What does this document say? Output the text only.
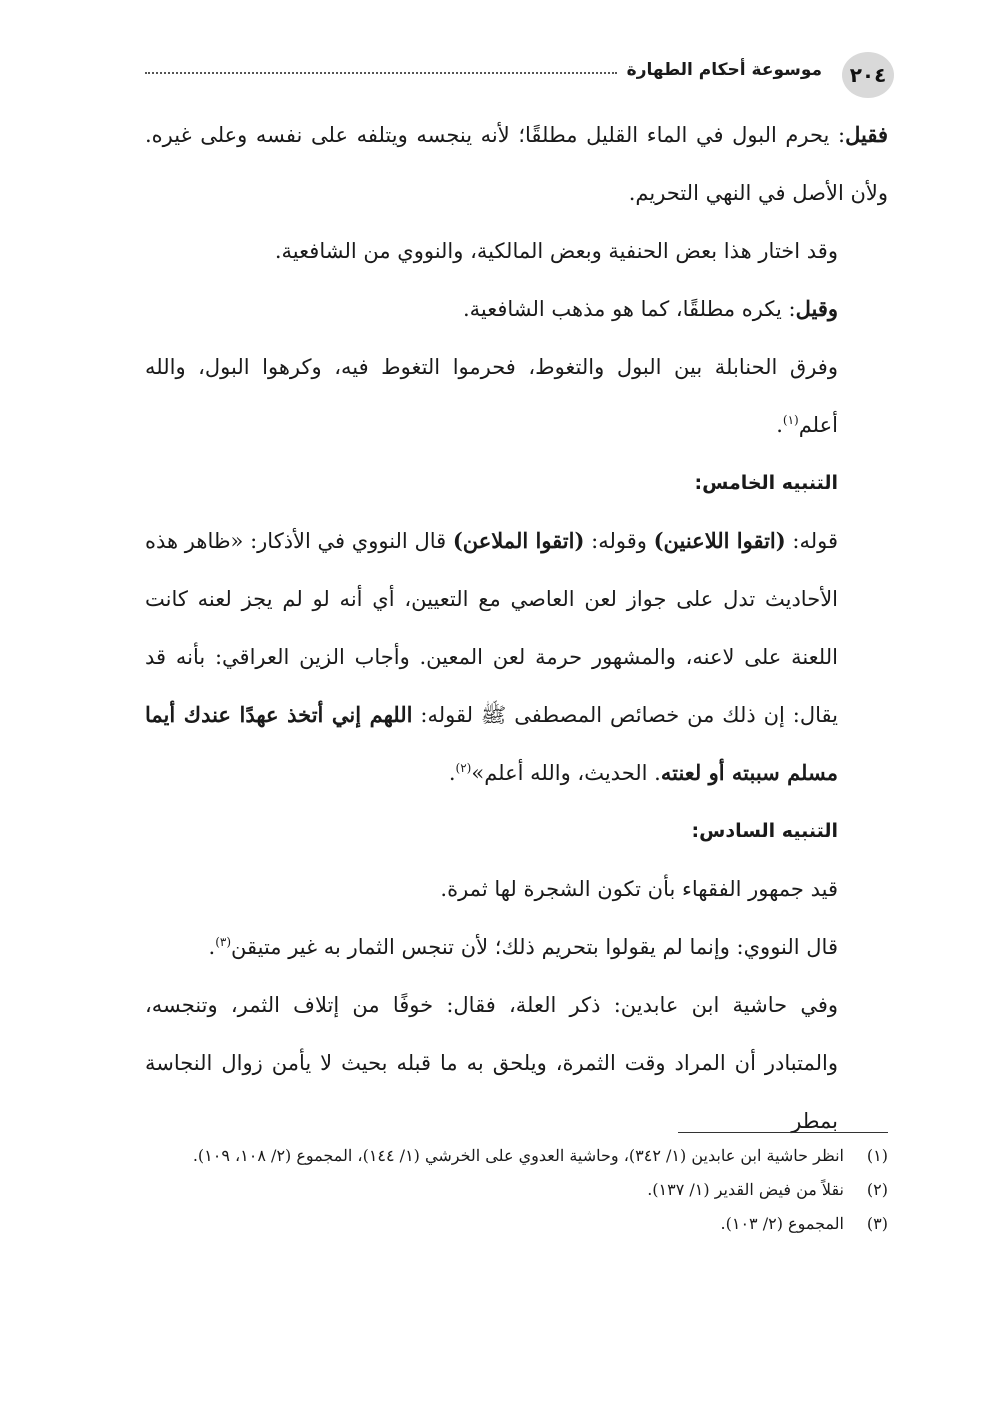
٢٠٤
موسوعة أحكام الطهارة

فقيل: يحرم البول في الماء القليل مطلقًا؛ لأنه ينجسه ويتلفه على نفسه وعلى غيره. ولأن الأصل في النهي التحريم.

وقد اختار هذا بعض الحنفية وبعض المالكية، والنووي من الشافعية.

وقيل: يكره مطلقًا، كما هو مذهب الشافعية.

وفرق الحنابلة بين البول والتغوط، فحرموا التغوط فيه، وكرهوا البول، والله أعلم$^{(١)}$.

التنبيه الخامس:

قوله: (اتقوا اللاعنين) وقوله: (اتقوا الملاعن) قال النووي في الأذكار: «ظاهر هذه الأحاديث تدل على جواز لعن العاصي مع التعيين، أي أنه لو لم يجز لعنه كانت اللعنة على لاعنه، والمشهور حرمة لعن المعين. وأجاب الزين العراقي: بأنه قد يقال: إن ذلك من خصائص المصطفى ﷺ لقوله: اللهم إني أتخذ عهدًا عندك أيما مسلم سببته أو لعنته. الحديث، والله أعلم»$^{(٢)}$.

التنبيه السادس:

قيد جمهور الفقهاء بأن تكون الشجرة لها ثمرة.

قال النووي: وإنما لم يقولوا بتحريم ذلك؛ لأن تنجس الثمار به غير متيقن$^{(٣)}$.

وفي حاشية ابن عابدين: ذكر العلة، فقال: خوفًا من إتلاف الثمر، وتنجسه، والمتبادر أن المراد وقت الثمرة، ويلحق به ما قبله بحيث لا يأمن زوال النجاسة بمطر

(١)
انظر حاشية ابن عابدين (١/ ٣٤٢)، وحاشية العدوي على الخرشي (١/ ١٤٤)، المجموع (٢/ ١٠٨، ١٠٩).
(٢)
نقلاً من فيض القدير (١/ ١٣٧).
(٣)
المجموع (٢/ ١٠٣).
